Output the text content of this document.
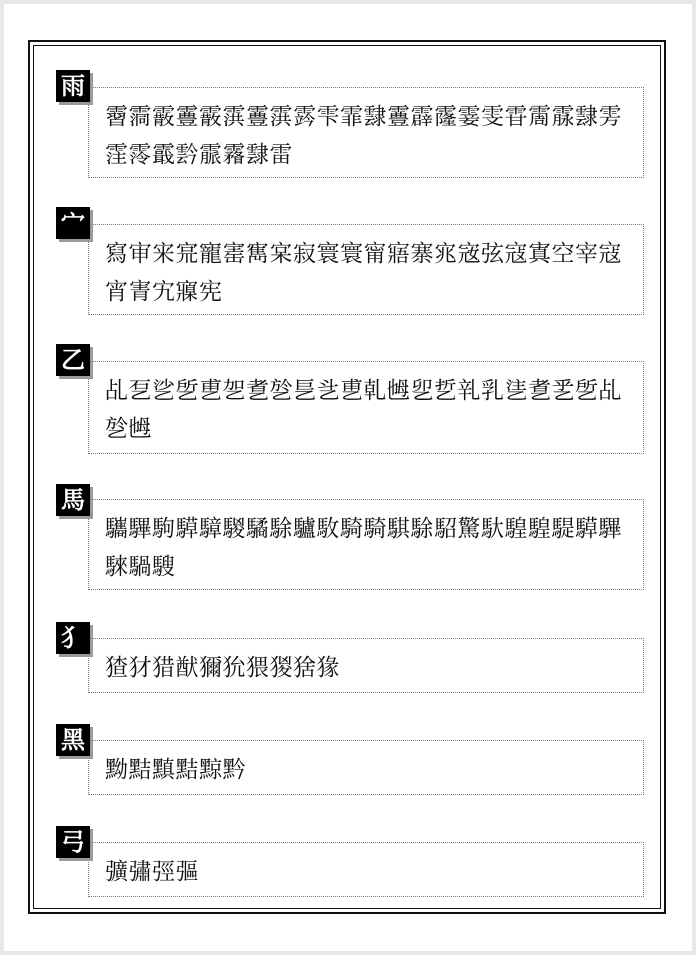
雨
霫霘霰霻霰霟霻霟霠雫霏霴霻霹霳霎雯雸霌霡霴雱霔霗霵霒霢霿霴雷
宀
寫审宩宺寵寚寯宲寂寰寰甯寤寨宨宼弦寇寘空宰寇宵寈宄寱宪
乙
乩乭乷乺乶乫乽乻乬乧乶乹乸乮乴乵乳乼乽乯乺乩乻乸
馬
驨驆駒騲騿騣驈駼驢駇騎騎騏駼駋驚馱騜騜騠騲驆騋騧騪
犭
猹犲猎猷獮狁猥猣猞猭
黑
黝黠黰黠黥黔
弓
彍彇弳彄
